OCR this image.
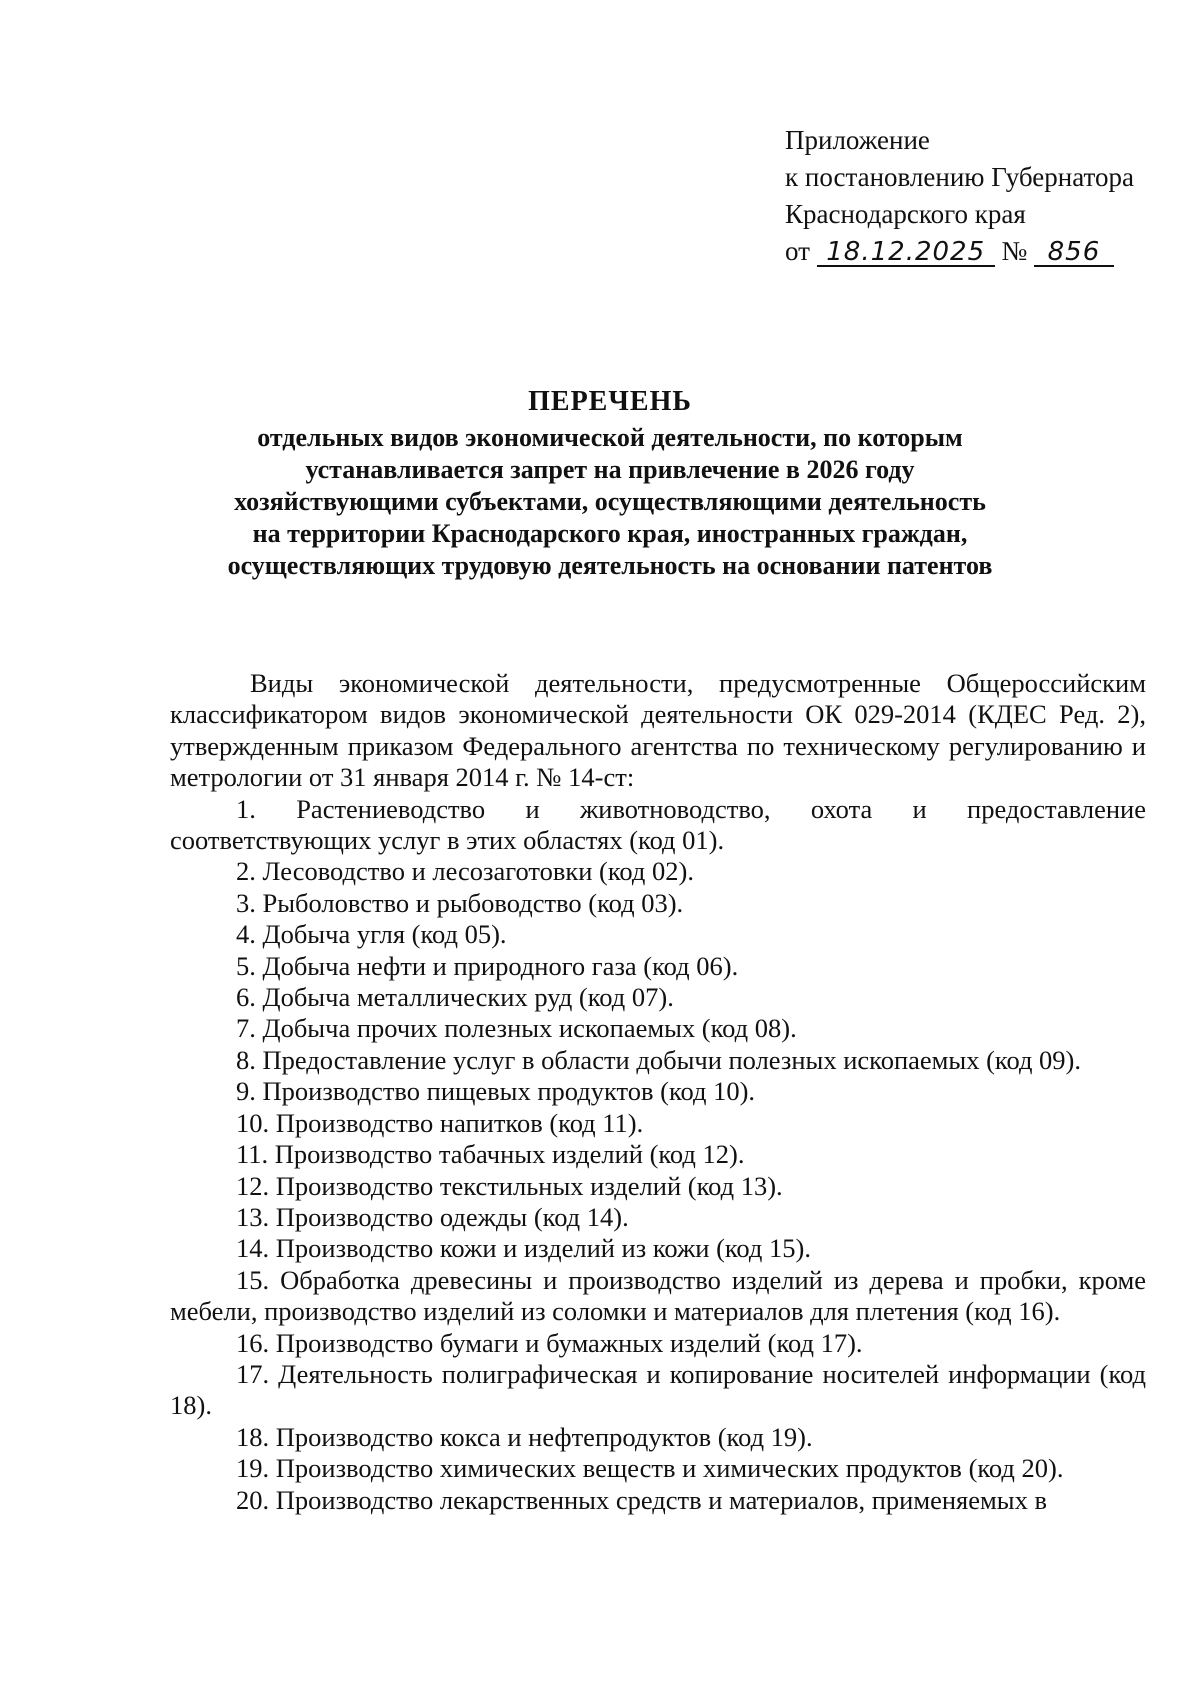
Приложение
к постановлению Губернатора
Краснодарского края
от 18.12.2025 № 856
ПЕРЕЧЕНЬ
отдельных видов экономической деятельности, по которым
устанавливается запрет на привлечение в 2026 году
хозяйствующими субъектами, осуществляющими деятельность
на территории Краснодарского края, иностранных граждан,
осуществляющих трудовую деятельность на основании патентов

Виды экономической деятельности, предусмотренные Общероссийским классификатором видов экономической деятельности ОК 029-2014 (КДЕС Ред. 2), утвержденным приказом Федерального агентства по техническому регулированию и метрологии от 31 января 2014 г. № 14-ст:

1. Растениеводство и животноводство, охота и предоставление соответствующих услуг в этих областях (код 01).
2. Лесоводство и лесозаготовки (код 02).
3. Рыболовство и рыбоводство (код 03).
4. Добыча угля (код 05).
5. Добыча нефти и природного газа (код 06).
6. Добыча металлических руд (код 07).
7. Добыча прочих полезных ископаемых (код 08).
8. Предоставление услуг в области добычи полезных ископаемых (код 09).
9. Производство пищевых продуктов (код 10).
10. Производство напитков (код 11).
11. Производство табачных изделий (код 12).
12. Производство текстильных изделий (код 13).
13. Производство одежды (код 14).
14. Производство кожи и изделий из кожи (код 15).
15. Обработка древесины и производство изделий из дерева и пробки, кроме мебели, производство изделий из соломки и материалов для плетения (код 16).
16. Производство бумаги и бумажных изделий (код 17).
17. Деятельность полиграфическая и копирование носителей информации (код 18).
18. Производство кокса и нефтепродуктов (код 19).
19. Производство химических веществ и химических продуктов (код 20).
20. Производство лекарственных средств и материалов, применяемых в
